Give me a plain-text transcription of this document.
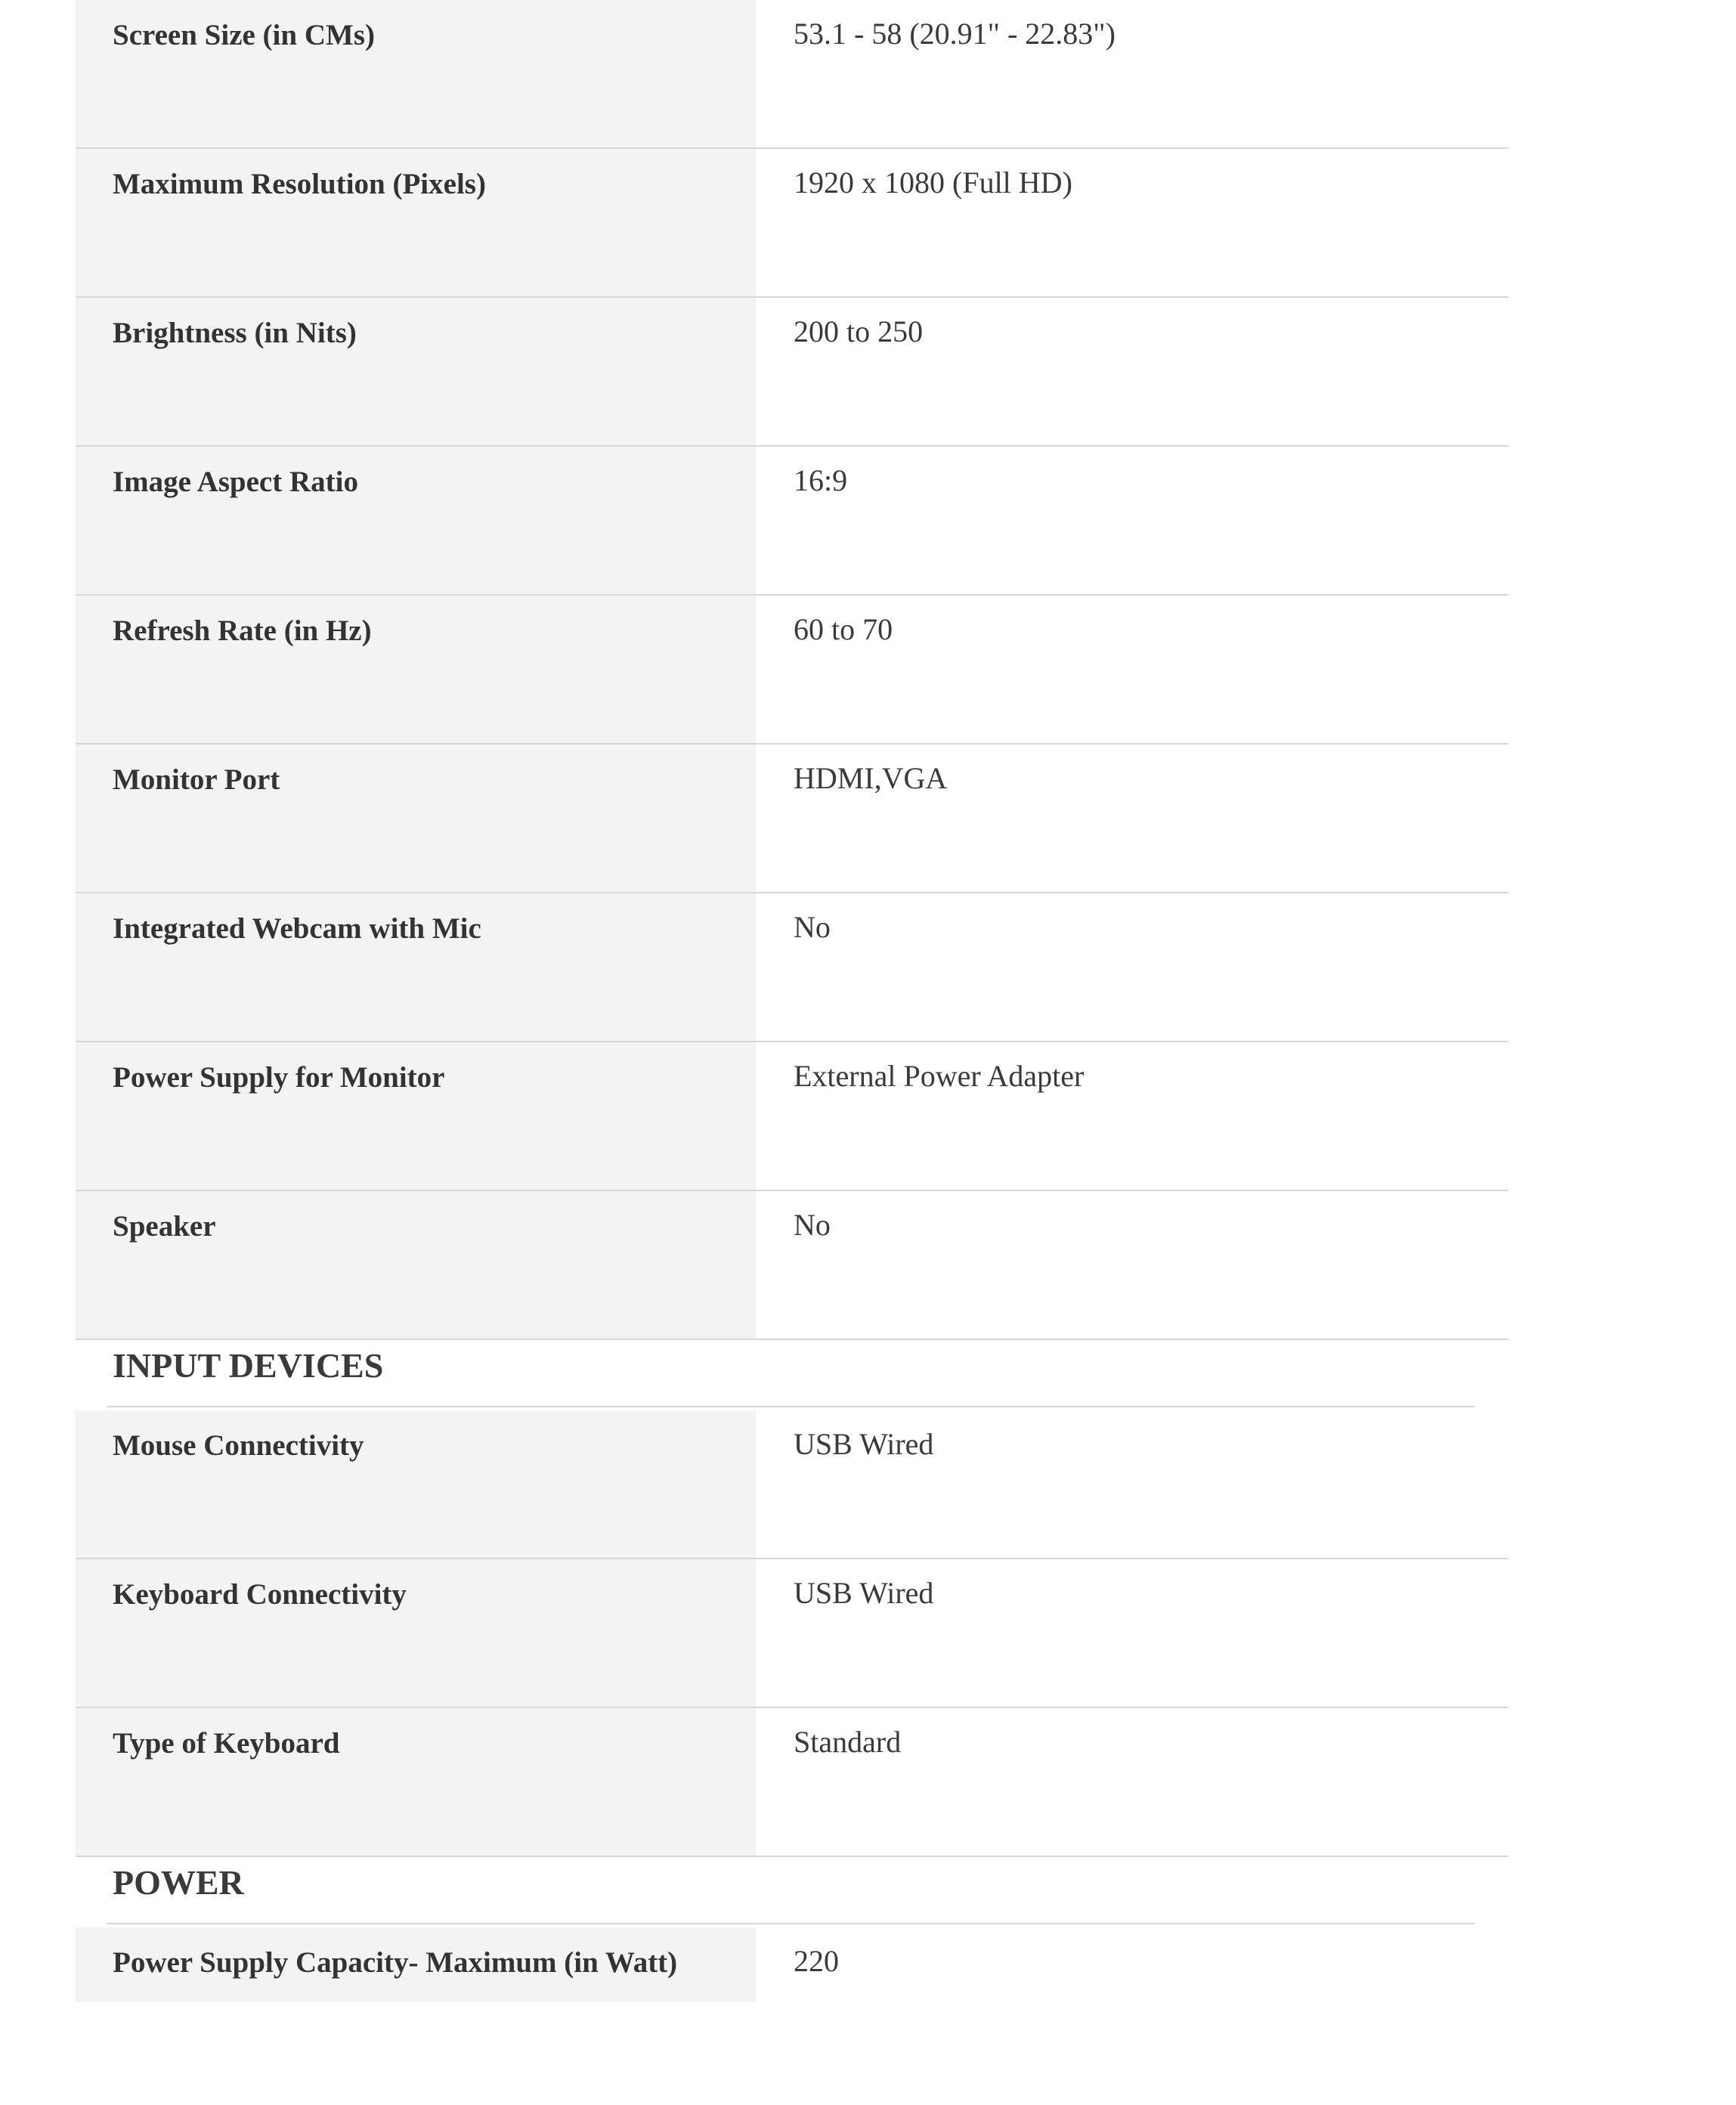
Screen Size (in CMs)	53.1 - 58 (20.91" - 22.83")
Maximum Resolution (Pixels)	1920 x 1080 (Full HD)
Brightness (in Nits)	200 to 250
Image Aspect Ratio	16:9
Refresh Rate (in Hz)	60 to 70
Monitor Port	HDMI,VGA
Integrated Webcam with Mic	No
Power Supply for Monitor	External Power Adapter
Speaker	No
INPUT DEVICES
Mouse Connectivity	USB Wired
Keyboard Connectivity	USB Wired
Type of Keyboard	Standard
POWER
Power Supply Capacity- Maximum (in Watt)	220
